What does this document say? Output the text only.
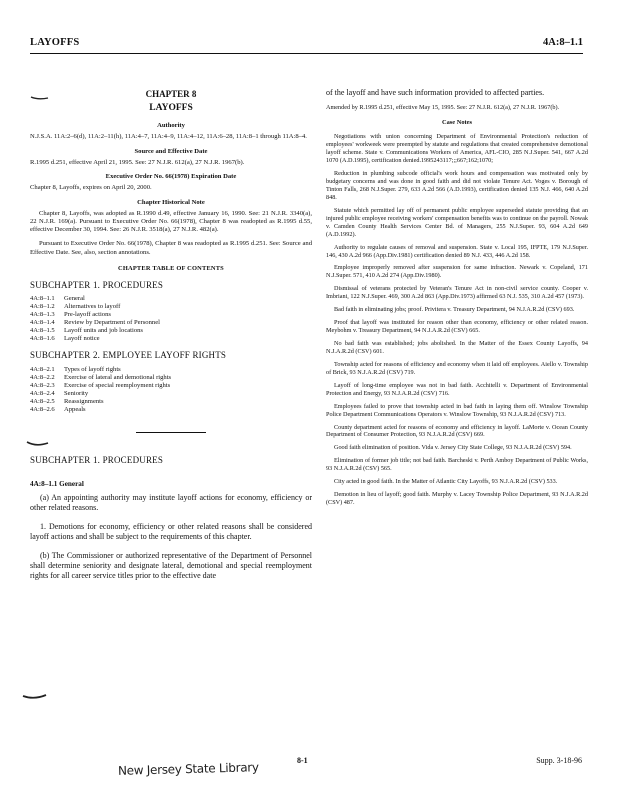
LAYOFFS	4A:8–1.1
CHAPTER 8
LAYOFFS
Authority
N.J.S.A. 11A:2–6(d), 11A:2–11(h), 11A:4–7, 11A:4–9, 11A:4–12, 11A:6–28, 11A:8–1 through 11A:8–4.
Source and Effective Date
R.1995 d.251, effective April 21, 1995. See: 27 N.J.R. 612(a), 27 N.J.R. 1967(b).
Executive Order No. 66(1978) Expiration Date
Chapter 8, Layoffs, expires on April 20, 2000.
Chapter Historical Note
Chapter 8, Layoffs, was adopted as R.1990 d.49, effective January 16, 1990. See: 21 N.J.R. 3340(a), 22 N.J.R. 169(a). Pursuant to Executive Order No. 66(1978), Chapter 8 was readopted as R.1995 d.55, effective December 30, 1994. See: 26 N.J.R. 3518(a), 27 N.J.R. 482(a).
Pursuant to Executive Order No. 66(1978), Chapter 8 was readopted as R.1995 d.251. See: Source and Effective Date. See, also, section annotations.
CHAPTER TABLE OF CONTENTS
SUBCHAPTER 1. PROCEDURES
4A:8–1.1	General
4A:8–1.2	Alternatives to layoff
4A:8–1.3	Pre-layoff actions
4A:8–1.4	Review by Department of Personnel
4A:8–1.5	Layoff units and job locations
4A:8–1.6	Layoff notice
SUBCHAPTER 2. EMPLOYEE LAYOFF RIGHTS
4A:8–2.1	Types of layoff rights
4A:8–2.2	Exercise of lateral and demotional rights
4A:8–2.3	Exercise of special reemployment rights
4A:8–2.4	Seniority
4A:8–2.5	Reassignments
4A:8–2.6	Appeals
SUBCHAPTER 1. PROCEDURES
4A:8–1.1 General
(a) An appointing authority may institute layoff actions for economy, efficiency or other related reasons.
1. Demotions for economy, efficiency or other related reasons shall be considered layoff actions and shall be subject to the requirements of this chapter.
(b) The Commissioner or authorized representative of the Department of Personnel shall determine seniority and designate lateral, demotional and special reemployment rights for all career service titles prior to the effective date
of the layoff and have such information provided to affected parties.
Amended by R.1995 d.251, effective May 15, 1995. See: 27 N.J.R. 612(a), 27 N.J.R. 1967(b).
Case Notes
Negotiations with union concerning Department of Environmental Protection's reduction of employees' workweek were preempted by statute and regulations that created comprehensive demotional layoff scheme. State v. Communications Workers of America, AFL-CIO, 285 N.J.Super. 541, 667 A.2d 1070 (A.D.1995), certification denied.1995243117;;;667;162;1070;
Reduction in plumbing subcode official's work hours and compensation was motivated only by budgetary concerns and was done in good faith and did not violate Tenure Act. Voges v. Borough of Tinton Falls, 268 N.J.Super. 279, 633 A.2d 566 (A.D.1993), certification denied 135 N.J. 466, 640 A.2d 848.
Statute which permitted lay off of permanent public employee superseded statute providing that an injured public employee receiving workers' compensation benefits was to continue on the payroll. Nowak v. Camden County Health Services Center Bd. of Managers, 255 N.J.Super. 93, 604 A.2d 649 (A.D.1992).
Authority to regulate causes of removal and suspension. State v. Local 195, IFPTE, 179 N.J.Super. 146, 430 A.2d 966 (App.Div.1981) certification denied 89 N.J. 433, 446 A.2d 158.
Employee improperly removed after suspension for same infraction. Newark v. Copeland, 171 N.J.Super. 571, 410 A.2d 274 (App.Div.1980).
Dismissal of veterans protected by Veteran's Tenure Act in non-civil service county. Cooper v. Imbriani, 122 N.J.Super. 469, 300 A.2d 863 (App.Div.1973) affirmed 63 N.J. 535, 310 A.2d 457 (1973).
Bad faith in eliminating jobs; proof. Privitera v. Treasury Department, 94 N.J.A.R.2d (CSV) 693.
Proof that layoff was instituted for reason other than economy, efficiency or other related reason. Meybohm v. Treasury Department, 94 N.J.A.R.2d (CSV) 665.
No bad faith was established; jobs abolished. In the Matter of the Essex County Layoffs, 94 N.J.A.R.2d (CSV) 601.
Township acted for reasons of efficiency and economy when it laid off employees. Aiello v. Township of Brick, 93 N.J.A.R.2d (CSV) 719.
Layoff of long-time employee was not in bad faith. Acchitelli v. Department of Environmental Protection and Energy, 93 N.J.A.R.2d (CSV) 716.
Employees failed to prove that township acted in bad faith in laying them off. Winslow Township Police Department Communications Operators v. Winslow Township, 93 N.J.A.R.2d (CSV) 713.
County department acted for reasons of economy and efficiency in layoff. LaMorte v. Ocean County Department of Consumer Protection, 93 N.J.A.R.2d (CSV) 669.
Good faith elimination of position. Vida v. Jersey City State College, 93 N.J.A.R.2d (CSV) 594.
Elimination of former job title; not bad faith. Barcheski v. Perth Amboy Department of Public Works, 93 N.J.A.R.2d (CSV) 565.
City acted in good faith. In the Matter of Atlantic City Layoffs, 93 N.J.A.R.2d (CSV) 533.
Demotion in lieu of layoff; good faith. Murphy v. Lacey Township Police Department, 93 N.J.A.R.2d (CSV) 487.
8-1	Supp. 3-18-96
New Jersey State Library
